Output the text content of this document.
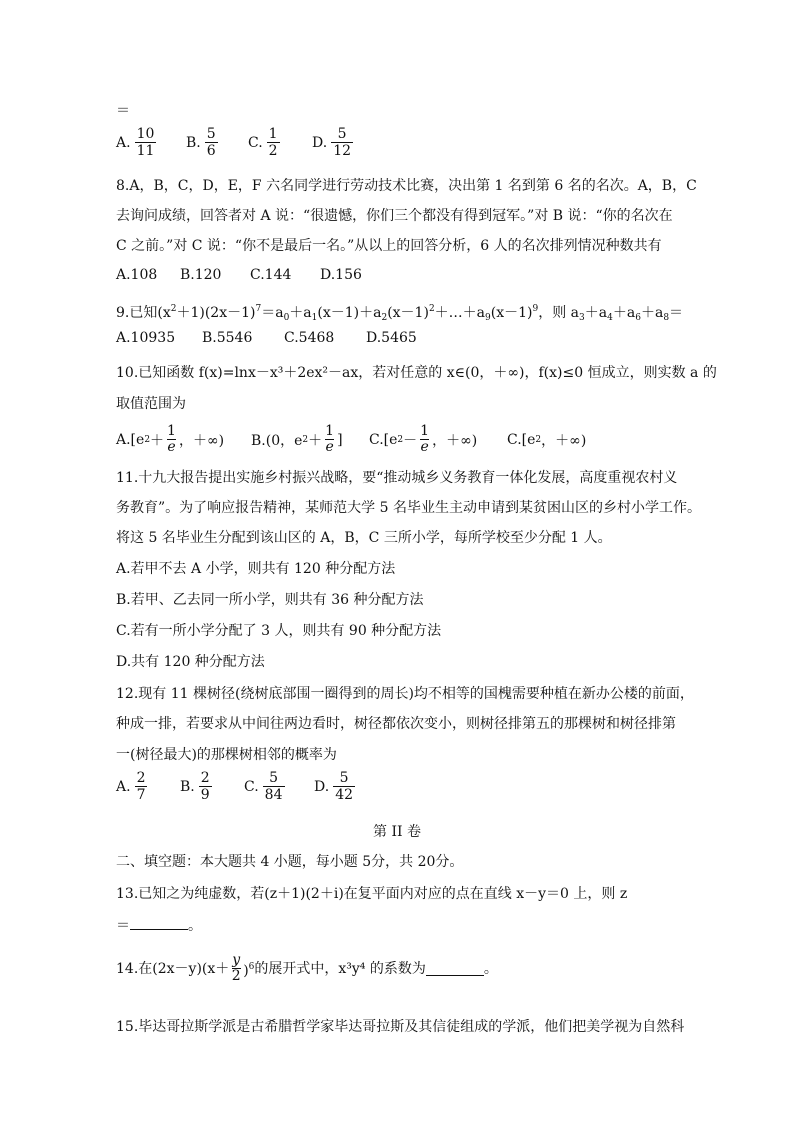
＝
A. $\frac{10}{11} B$. $\frac{5}{6} C$. $\frac{1}{2} D$. $\frac{5}{12}$
8.A，B，C，D，E，F 六名同学进行劳动技术比赛，决出第 1 名到第 6 名的名次。A，B，C
去询问成绩，回答者对 A 说：“很遗憾，你们三个都没有得到冠军。”对 B 说：“你的名次在
C 之前。”对 C 说：“你不是最后一名。”从以上的回答分析，6 人的名次排列情况种数共有
A.108	B.120	C.144	D.156
9.已知$(x^2+1)(2x-1)^7=a_0+a_1(x-1)+a_2(x-1)^2+\dots+a_9(x-1)^9$，则 $a_3+a_4+a_6+a_8=$
A.10935	B.5546	C.5468	D.5465
10.已知函数 f(x)=lnx－x³＋2ex²－ax，若对任意的 x∈(0，＋∞)，f(x)≤0 恒成立，则实数 a 的
取值范围为
A.[e $2 + \frac{1}{e}$ ，＋∞)	B.(0，e $2 + \frac{1}{e}$ ]	C.[e $2 - \frac{1}{e}$ ，＋∞)	C.[e 2 ，＋∞)
11.十九大报告提出实施乡村振兴战略，要“推动城乡义务教育一体化发展，高度重视农村义
务教育”。为了响应报告精神，某师范大学 5 名毕业生主动申请到某贫困山区的乡村小学工作。
将这 5 名毕业生分配到该山区的 A，B，C 三所小学，每所学校至少分配 1 人。
A.若甲不去 A 小学，则共有 120 种分配方法
B.若甲、乙去同一所小学，则共有 36 种分配方法
C.若有一所小学分配了 3 人，则共有 90 种分配方法
D.共有 120 种分配方法
12.现有 11 棵树径(绕树底部围一圈得到的周长)均不相等的国槐需要种植在新办公楼的前面，
种成一排，若要求从中间往两边看时，树径都依次变小，则树径排第五的那棵树和树径排第
一(树径最大)的那棵树相邻的概率为
A. $\frac{2}{7} B$. $\frac{2}{9} C$. $\frac{5}{84} D$. $\frac{5}{42}$
第 II 卷
二、填空题：本大题共 4 小题，每小题 5分，共 20分。
13.已知之为纯虚数，若(z＋1)(2＋i)在复平面内对应的点在直线 x－y＝0 上，则 z
＝	。
14.在$(2x-y)(x+ \frac{y}{2} )^6$ 的展开式中，x³y⁴ 的系数为	。
15.毕达哥拉斯学派是古希腊哲学家毕达哥拉斯及其信徒组成的学派，他们把美学视为自然科
